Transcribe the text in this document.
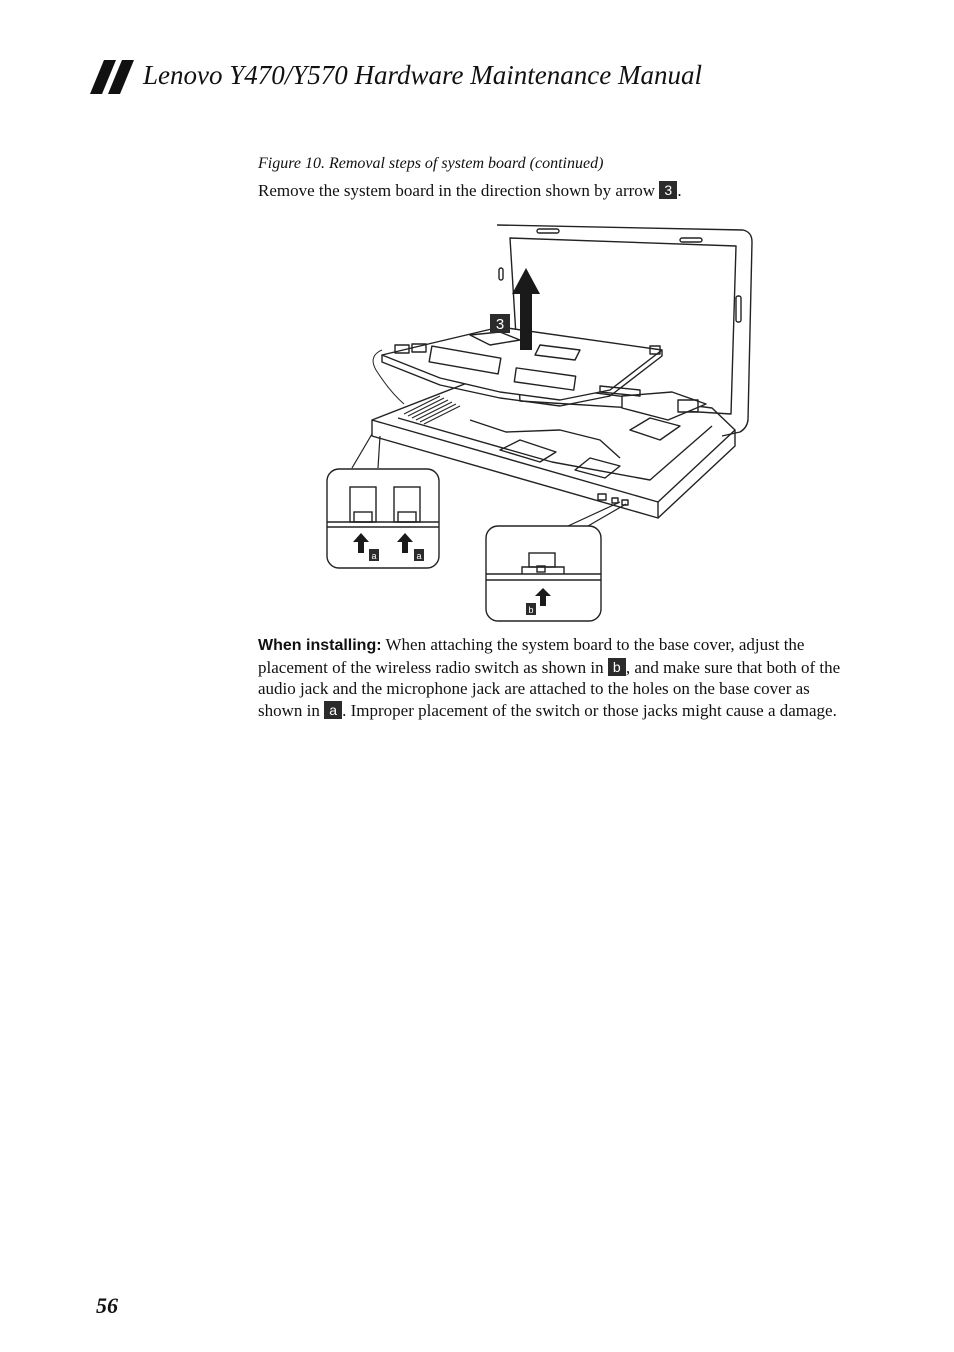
Lenovo Y470/Y570 Hardware Maintenance Manual
Figure 10. Removal steps of system board (continued)
Remove the system board in the direction shown by arrow 3 .
3
a	a
b
When installing: When attaching the system board to the base cover, adjust the placement of the wireless radio switch as shown in b , and make sure that both of the audio jack and the microphone jack are attached to the holes on the base cover as shown in a . Improper placement of the switch or those jacks might cause a damage.
56
